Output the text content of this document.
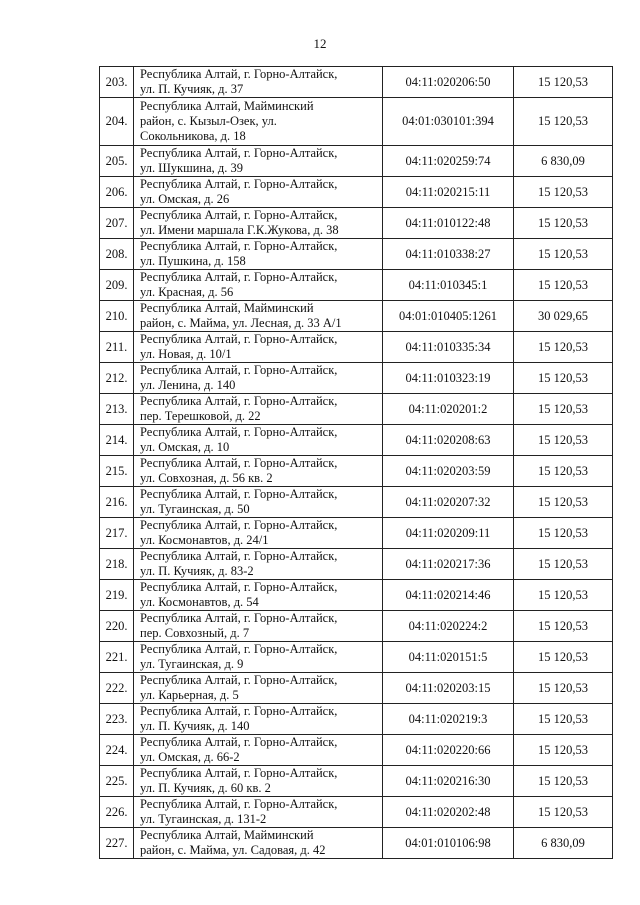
12
203.	Республика Алтай, г. Горно-Алтайск,
ул. П. Кучияк, д. 37	04:11:020206:50	15 120,53
204.	Республика Алтай, Майминский
район, с. Кызыл-Озек, ул.
Сокольникова, д. 18	04:01:030101:394	15 120,53
205.	Республика Алтай, г. Горно-Алтайск,
ул. Шукшина, д. 39	04:11:020259:74	6 830,09
206.	Республика Алтай, г. Горно-Алтайск,
ул. Омская, д. 26	04:11:020215:11	15 120,53
207.	Республика Алтай, г. Горно-Алтайск,
ул. Имени маршала Г.К.Жукова, д. 38	04:11:010122:48	15 120,53
208.	Республика Алтай, г. Горно-Алтайск,
ул. Пушкина, д. 158	04:11:010338:27	15 120,53
209.	Республика Алтай, г. Горно-Алтайск,
ул. Красная, д. 56	04:11:010345:1	15 120,53
210.	Республика Алтай, Майминский
район, с. Майма, ул. Лесная, д. 33 А/1	04:01:010405:1261	30 029,65
211.	Республика Алтай, г. Горно-Алтайск,
ул. Новая, д. 10/1	04:11:010335:34	15 120,53
212.	Республика Алтай, г. Горно-Алтайск,
ул. Ленина, д. 140	04:11:010323:19	15 120,53
213.	Республика Алтай, г. Горно-Алтайск,
пер. Терешковой, д. 22	04:11:020201:2	15 120,53
214.	Республика Алтай, г. Горно-Алтайск,
ул. Омская, д. 10	04:11:020208:63	15 120,53
215.	Республика Алтай, г. Горно-Алтайск,
ул. Совхозная, д. 56 кв. 2	04:11:020203:59	15 120,53
216.	Республика Алтай, г. Горно-Алтайск,
ул. Тугаинская, д. 50	04:11:020207:32	15 120,53
217.	Республика Алтай, г. Горно-Алтайск,
ул. Космонавтов, д. 24/1	04:11:020209:11	15 120,53
218.	Республика Алтай, г. Горно-Алтайск,
ул. П. Кучияк, д. 83-2	04:11:020217:36	15 120,53
219.	Республика Алтай, г. Горно-Алтайск,
ул. Космонавтов, д. 54	04:11:020214:46	15 120,53
220.	Республика Алтай, г. Горно-Алтайск,
пер. Совхозный, д. 7	04:11:020224:2	15 120,53
221.	Республика Алтай, г. Горно-Алтайск,
ул. Тугаинская, д. 9	04:11:020151:5	15 120,53
222.	Республика Алтай, г. Горно-Алтайск,
ул. Карьерная, д. 5	04:11:020203:15	15 120,53
223.	Республика Алтай, г. Горно-Алтайск,
ул. П. Кучияк, д. 140	04:11:020219:3	15 120,53
224.	Республика Алтай, г. Горно-Алтайск,
ул. Омская, д. 66-2	04:11:020220:66	15 120,53
225.	Республика Алтай, г. Горно-Алтайск,
ул. П. Кучияк, д. 60 кв. 2	04:11:020216:30	15 120,53
226.	Республика Алтай, г. Горно-Алтайск,
ул. Тугаинская, д. 131-2	04:11:020202:48	15 120,53
227.	Республика Алтай, Майминский
район, с. Майма, ул. Садовая, д. 42	04:01:010106:98	6 830,09
